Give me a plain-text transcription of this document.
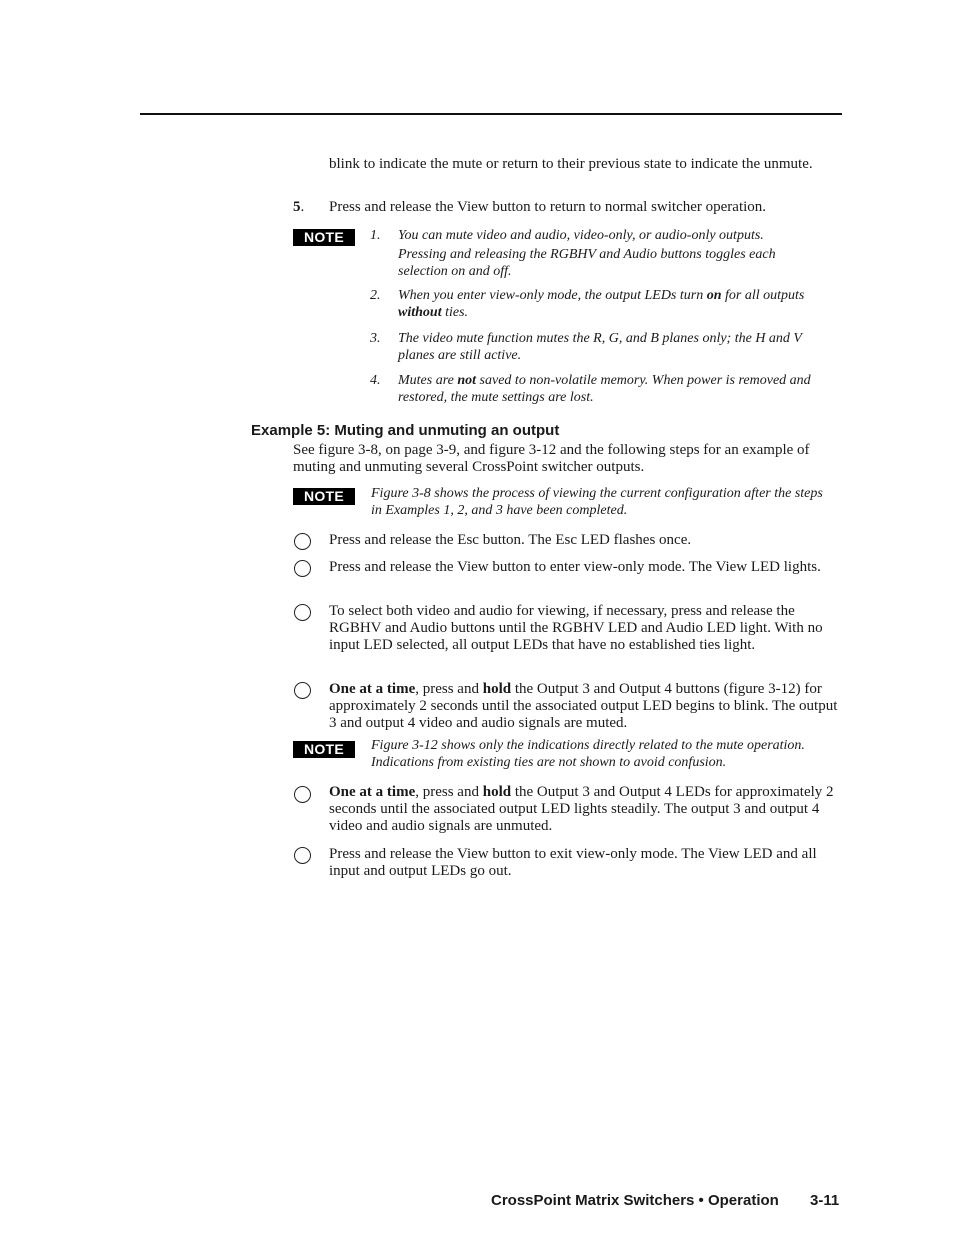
blink to indicate the mute or return to their previous state to indicate the unmute.
5. Press and release the View button to return to normal switcher operation.
NOTE	1. You can mute video and audio, video-only, or audio-only outputs.
Pressing and releasing the RGBHV and Audio buttons toggles each selection on and off.
2. When you enter view-only mode, the output LEDs turn on for all outputs without ties.
3. The video mute function mutes the R, G, and B planes only; the H and V planes are still active.
4. Mutes are not saved to non-volatile memory. When power is removed and restored, the mute settings are lost.
Example 5: Muting and unmuting an output
See figure 3-8, on page 3-9, and figure 3-12 and the following steps for an example of muting and unmuting several CrossPoint switcher outputs.
NOTE	Figure 3-8 shows the process of viewing the current configuration after the steps in Examples 1, 2, and 3 have been completed.
Press and release the Esc button. The Esc LED flashes once.
Press and release the View button to enter view-only mode. The View LED lights.
To select both video and audio for viewing, if necessary, press and release the RGBHV and Audio buttons until the RGBHV LED and Audio LED light. With no input LED selected, all output LEDs that have no established ties light.
One at a time, press and hold the Output 3 and Output 4 buttons (figure 3-12) for approximately 2 seconds until the associated output LED begins to blink. The output 3 and output 4 video and audio signals are muted.
NOTE	Figure 3-12 shows only the indications directly related to the mute operation. Indications from existing ties are not shown to avoid confusion.
One at a time, press and hold the Output 3 and Output 4 LEDs for approximately 2 seconds until the associated output LED lights steadily. The output 3 and output 4 video and audio signals are unmuted.
Press and release the View button to exit view-only mode. The View LED and all input and output LEDs go out.
CrossPoint Matrix Switchers • Operation 3-11
